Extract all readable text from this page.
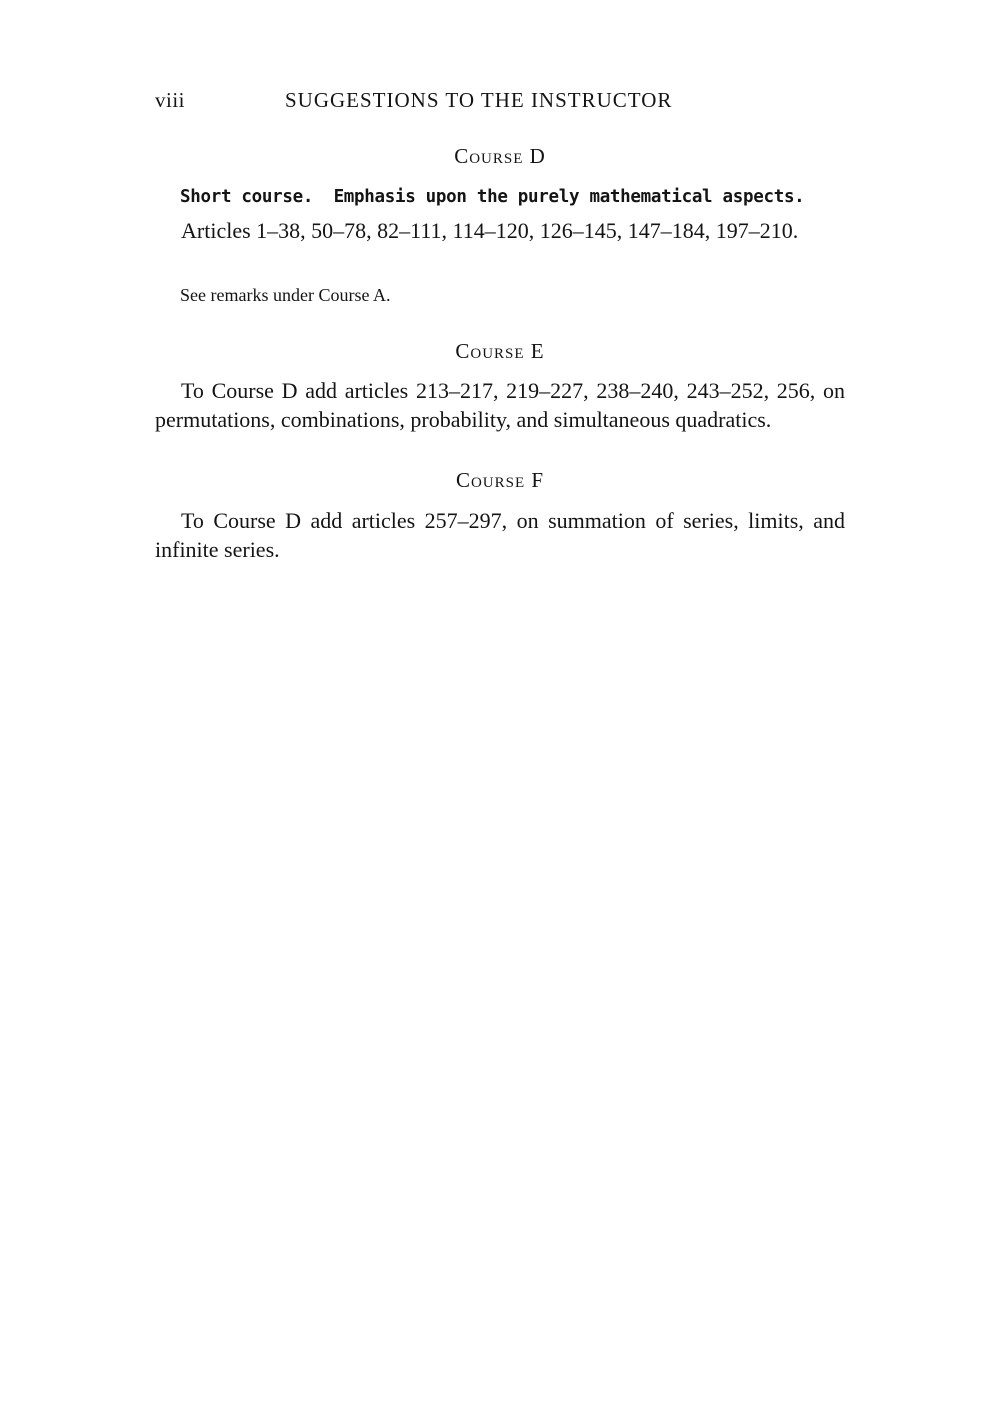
viii	SUGGESTIONS TO THE INSTRUCTOR
Course D
Short course. Emphasis upon the purely mathematical aspects.
Articles 1–38, 50–78, 82–111, 114–120, 126–145, 147–184, 197–210.
See remarks under Course A.
Course E
To Course D add articles 213–217, 219–227, 238–240, 243–252, 256, on permutations, combinations, probability, and simultaneous quadratics.
Course F
To Course D add articles 257–297, on summation of series, limits, and infinite series.
